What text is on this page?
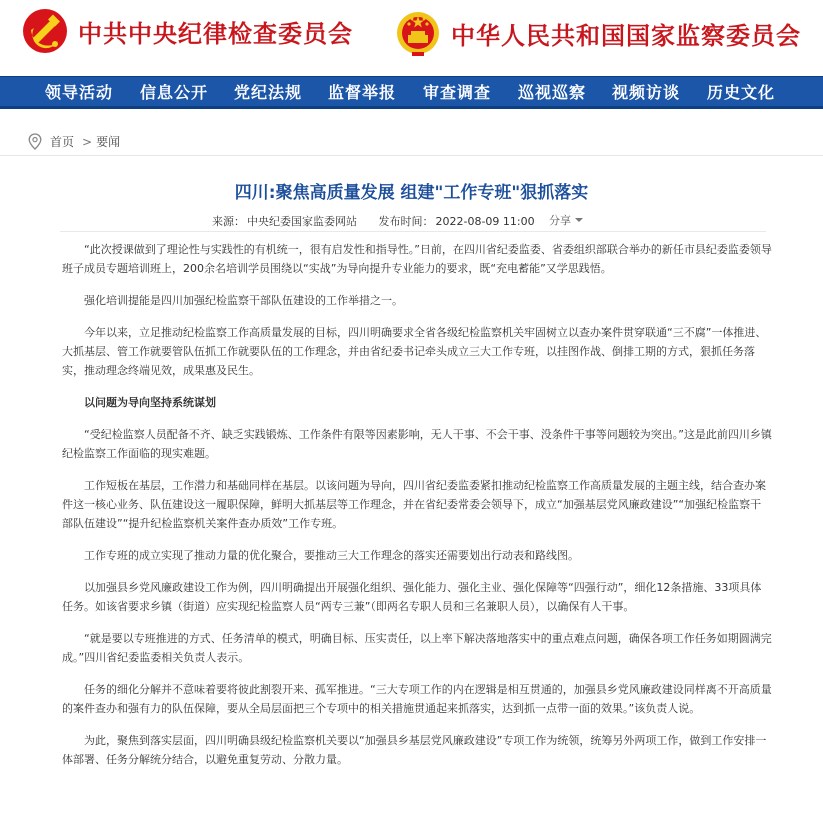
中共中央纪律检查委员会	中华人民共和国国家监察委员会
领导活动 信息公开 党纪法规 监督举报 审查调查 巡视巡察 视频访谈 历史文化
首页 > 要闻
四川:聚焦高质量发展 组建"工作专班"狠抓落实
来源： 中央纪委国家监委网站 发布时间： 2022-08-09 11:00 分享

“此次授课做到了理论性与实践性的有机统一，很有启发性和指导性。”日前，在四川省纪委监委、省委组织部联合举办的新任市县纪委监委领导班子成员专题培训班上，200余名培训学员围绕以“实战”为导向提升专业能力的要求，既“充电蓄能”又学思践悟。

强化培训提能是四川加强纪检监察干部队伍建设的工作举措之一。

今年以来，立足推动纪检监察工作高质量发展的目标，四川明确要求全省各级纪检监察机关牢固树立以查办案件贯穿联通“三不腐”一体推进、大抓基层、管工作就要管队伍抓工作就要队伍的工作理念，并由省纪委书记牵头成立三大工作专班，以挂图作战、倒排工期的方式，狠抓任务落实，推动理念终端见效，成果惠及民生。

以问题为导向坚持系统谋划

“受纪检监察人员配备不齐、缺乏实践锻炼、工作条件有限等因素影响，无人干事、不会干事、没条件干事等问题较为突出。”这是此前四川乡镇纪检监察工作面临的现实难题。

工作短板在基层，工作潜力和基础同样在基层。以该问题为导向，四川省纪委监委紧扣推动纪检监察工作高质量发展的主题主线，结合查办案件这一核心业务、队伍建设这一履职保障，鲜明大抓基层等工作理念，并在省纪委常委会领导下，成立“加强基层党风廉政建设”“加强纪检监察干部队伍建设”“提升纪检监察机关案件查办质效”工作专班。

工作专班的成立实现了推动力量的优化聚合，要推动三大工作理念的落实还需要划出行动表和路线图。

以加强县乡党风廉政建设工作为例，四川明确提出开展强化组织、强化能力、强化主业、强化保障等“四强行动”，细化12条措施、33项具体任务。如该省要求乡镇（街道）应实现纪检监察人员“两专三兼”（即两名专职人员和三名兼职人员），以确保有人干事。

“就是要以专班推进的方式、任务清单的模式，明确目标、压实责任，以上率下解决落地落实中的重点难点问题，确保各项工作任务如期圆满完成。”四川省纪委监委相关负责人表示。

任务的细化分解并不意味着要将彼此割裂开来、孤军推进。“三大专项工作的内在逻辑是相互贯通的，加强县乡党风廉政建设同样离不开高质量的案件查办和强有力的队伍保障，要从全局层面把三个专项中的相关措施贯通起来抓落实，达到抓一点带一面的效果。”该负责人说。

为此，聚焦到落实层面，四川明确县级纪检监察机关要以“加强县乡基层党风廉政建设”专项工作为统领，统筹另外两项工作，做到工作安排一体部署、任务分解统分结合，以避免重复劳动、分散力量。
